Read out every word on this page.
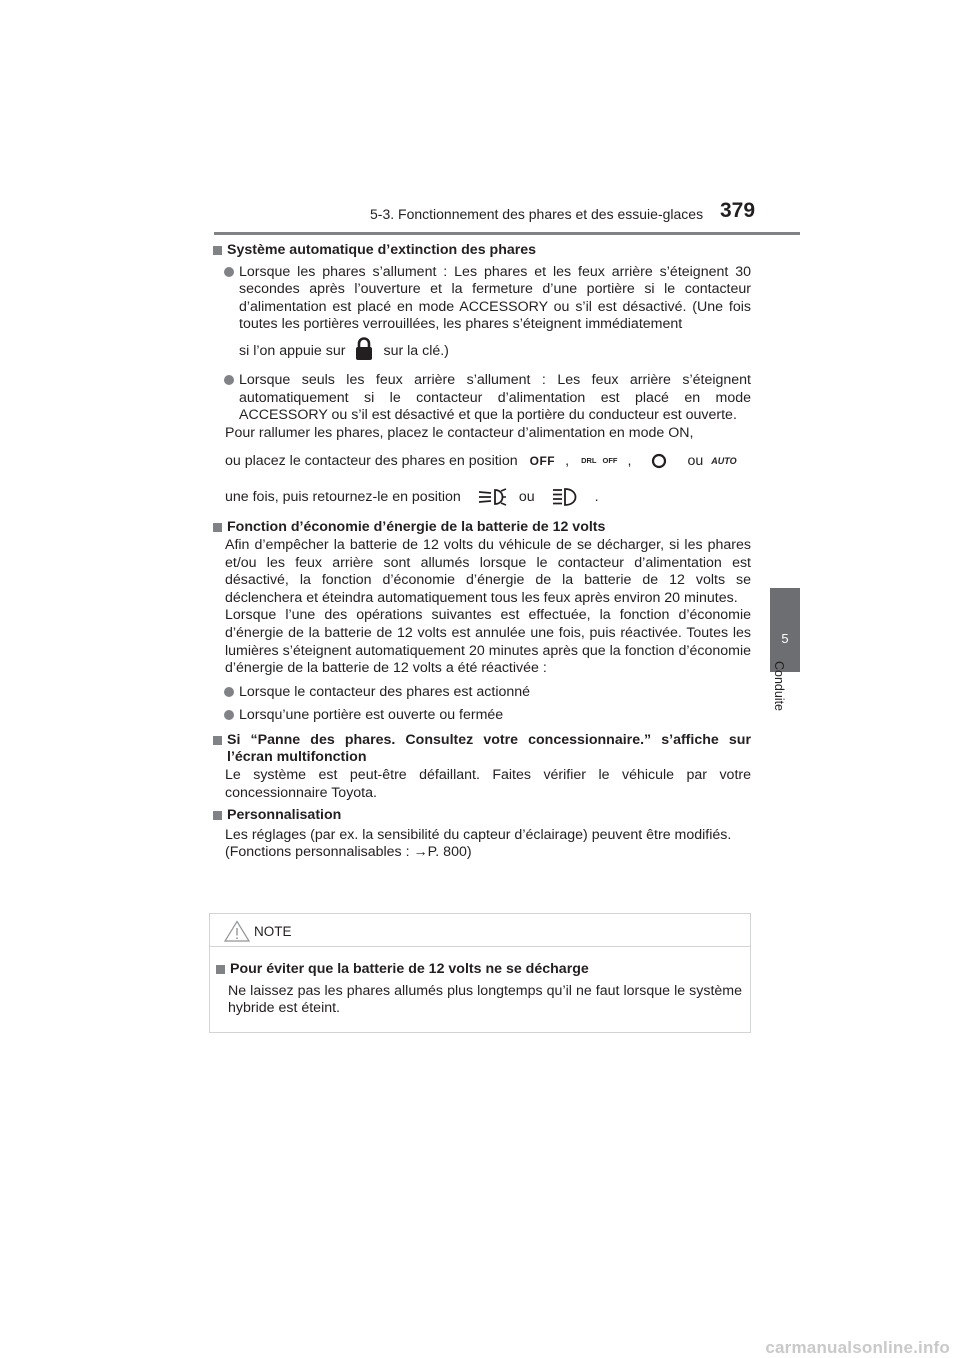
5-3. Fonctionnement des phares et des essuie-glaces 379
5
Conduite
Système automatique d’extinction des phares

Lorsque les phares s’allument : Les phares et les feux arrière s’éteignent 30 secondes après l’ouverture et la fermeture d’une portière si le contacteur d’alimentation est placé en mode ACCESSORY ou s’il est désactivé. (Une fois toutes les portières verrouillées, les phares s’éteignent immédiatement

si l’on appuie sur	sur la clé.)

Lorsque seuls les feux arrière s’allument : Les feux arrière s’éteignent automatiquement si le contacteur d’alimentation est placé en mode ACCESSORY ou s’il est désactivé et que la portière du conducteur est ouverte.

Pour rallumer les phares, placez le contacteur d’alimentation en mode ON,

ou placez le contacteur des phares en position OFF , DRL OFF ,	ou AUTO

une fois, puis retournez-le en position	ou	.

Fonction d’économie d’énergie de la batterie de 12 volts

Afin d’empêcher la batterie de 12 volts du véhicule de se décharger, si les phares et/ou les feux arrière sont allumés lorsque le contacteur d’alimentation est désactivé, la fonction d’économie d’énergie de la batterie de 12 volts se déclenchera et éteindra automatiquement tous les feux après environ 20 minutes.

Lorsque l’une des opérations suivantes est effectuée, la fonction d’économie d’énergie de la batterie de 12 volts est annulée une fois, puis réactivée. Toutes les lumières s’éteignent automatiquement 20 minutes après que la fonction d’économie d’énergie de la batterie de 12 volts a été réactivée :

Lorsque le contacteur des phares est actionné

Lorsqu’une portière est ouverte ou fermée

Si “Panne des phares. Consultez votre concessionnaire.” s’affiche sur l’écran multifonction

Le système est peut-être défaillant. Faites vérifier le véhicule par votre concessionnaire Toyota.

Personnalisation

Les réglages (par ex. la sensibilité du capteur d’éclairage) peuvent être modifiés.

(Fonctions personnalisables : →P. 800)

NOTE
Pour éviter que la batterie de 12 volts ne se décharge

Ne laissez pas les phares allumés plus longtemps qu’il ne faut lorsque le système hybride est éteint.

carmanualsonline.info
